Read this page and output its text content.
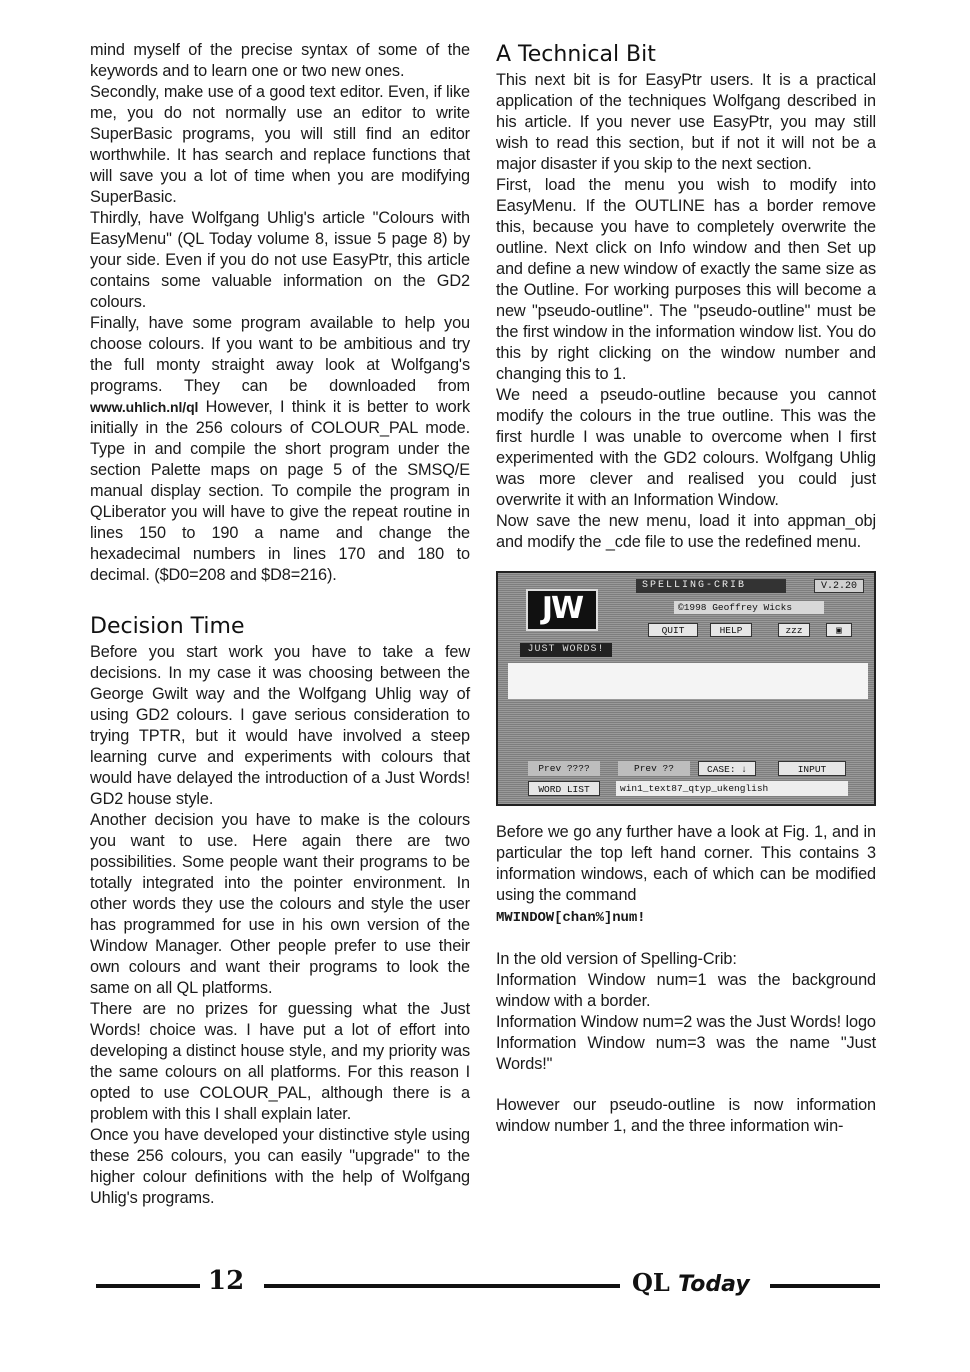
mind myself of the precise syntax of some of the keywords and to learn one or two new ones.

Secondly, make use of a good text editor. Even, if like me, you do not normally use an editor to write SuperBasic programs, you will still find an editor worthwhile. It has search and replace functions that will save you a lot of time when you are modifying SuperBasic.

Thirdly, have Wolfgang Uhlig's article "Colours with EasyMenu" (QL Today volume 8, issue 5 page 8) by your side. Even if you do not use EasyPtr, this article contains some valuable information on the GD2 colours.

Finally, have some program available to help you choose colours. If you want to be ambitious and try the full monty straight away look at Wolfgang's programs. They can be downloaded from www.uhlich.nl/ql However, I think it is better to work initially in the 256 colours of COLOUR_PAL mode. Type in and compile the short program under the section Palette maps on page 5 of the SMSQ/E manual display section. To compile the program in QLiberator you will have to give the repeat routine in lines 150 to 190 a name and change the hexadecimal numbers in lines 170 and 180 to decimal. ($D0=208 and $D8=216).

Decision Time

Before you start work you have to take a few decisions. In my case it was choosing between the George Gwilt way and the Wolfgang Uhlig way of using GD2 colours. I gave serious consideration to trying TPTR, but it would have involved a steep learning curve and experiments with colours that would have delayed the introduction of a Just Words! GD2 house style.

Another decision you have to make is the colours you want to use. Here again there are two possibilities. Some people want their programs to be totally integrated into the pointer environment. In other words they use the colours and style the user has programmed for use in his own version of the Window Manager. Other people prefer to use their own colours and want their programs to look the same on all QL platforms.

There are no prizes for guessing what the Just Words! choice was. I have put a lot of effort into developing a distinct house style, and my priority was the same colours on all platforms. For this reason I opted to use COLOUR_PAL, although there is a problem with this I shall explain later.

Once you have developed your distinctive style using these 256 colours, you can easily "upgrade" to the higher colour definitions with the help of Wolfgang Uhlig's programs.

A Technical Bit

This next bit is for EasyPtr users. It is a practical application of the techniques Wolfgang described in his article. If you never use EasyPtr, you may still wish to read this section, but if not it will not be a major disaster if you skip to the next section.

First, load the menu you wish to modify into EasyMenu. If the OUTLINE has a border remove this, because you have to completely overwrite the outline. Next click on Info window and then Set up and define a new window of exactly the same size as the Outline. For working purposes this will become a new "pseudo-outline". The "pseudo-outline" must be the first window in the information window list. You do this by right clicking on the window number and changing this to 1.

We need a pseudo-outline because you cannot modify the colours in the true outline. This was the first hurdle I was unable to overcome when I first experimented with the GD2 colours. Wolfgang Uhlig was more clever and realised you could just overwrite it with an Information Window.

Now save the new menu, load it into appman_obj and modify the _cde file to use the redefined menu.

JW
JUST WORDS!
SPELLING-CRIB	V.2.20
©1998 Geoffrey Wicks
QUIT	HELP	zzz	▣
Prev ????	Prev ??	CASE: ↓	INPUT
WORD LIST	win1_text87_qtyp_ukenglish

Before we go any further have a look at Fig. 1, and in particular the top left hand corner. This contains 3 information windows, each of which can be modified using the command

MWINDOW[chan%]num!

In the old version of Spelling-Crib:

Information Window num=1 was the background window with a border.

Information Window num=2 was the Just Words! logo

Information Window num=3 was the name "Just Words!"

However our pseudo-outline is now information window number 1, and the three information win-

12	QL Today
